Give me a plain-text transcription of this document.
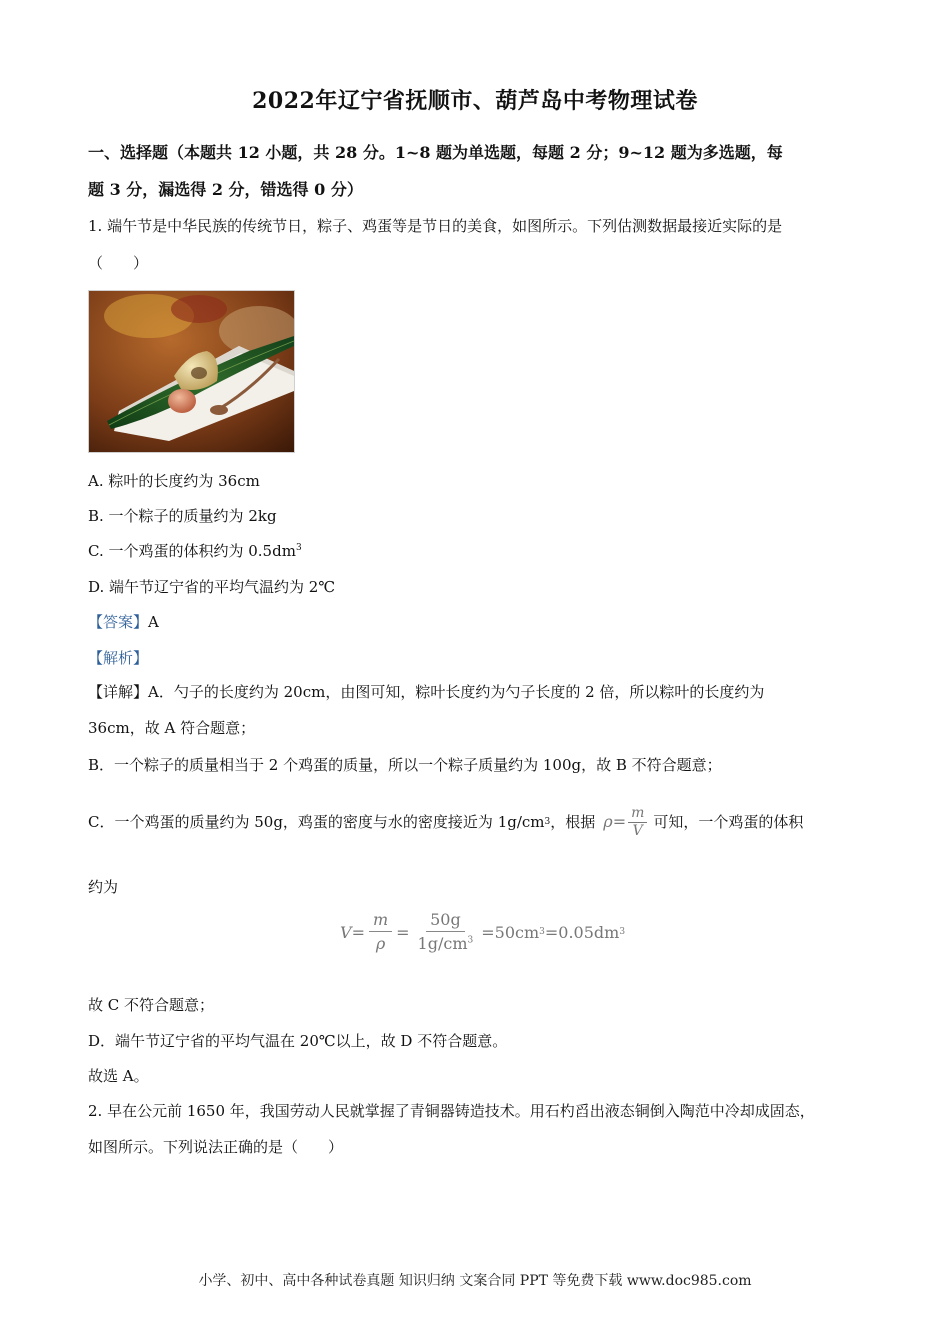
2022年辽宁省抚顺市、葫芦岛中考物理试卷
一、选择题（本题共 12 小题，共 28 分。1~8 题为单选题，每题 2 分；9~12 题为多选题，每
题 3 分，漏选得 2 分，错选得 0 分）
1. 端午节是中华民族的传统节日，粽子、鸡蛋等是节日的美食，如图所示。下列估测数据最接近实际的是
（　　）
A. 粽叶的长度约为 36cm
B. 一个粽子的质量约为 2kg
C. 一个鸡蛋的体积约为 $0.5dm^3$
D. 端午节辽宁省的平均气温约为 2℃
【答案】A
【解析】
【详解】A．勺子的长度约为 20cm，由图可知，粽叶长度约为勺子长度的 2 倍，所以粽叶的长度约为
36cm，故 A 符合题意；
B．一个粽子的质量相当于 2 个鸡蛋的质量，所以一个粽子质量约为 100g，故 B 不符合题意；
C．一个鸡蛋的质量约为 50g，鸡蛋的密度与水的密度接近为 1g/cm 3 ，根据 $\rho= \frac{m}{V}$ 可知，一个鸡蛋的体积
约为
$V = \frac{m}{\rho} = \frac{50g}{1g/cm^3} =50cm$ 3 =0.05dm 3
故 C 不符合题意；
D．端午节辽宁省的平均气温在 20℃以上，故 D 不符合题意。
故选 A。
2. 早在公元前 1650 年，我国劳动人民就掌握了青铜器铸造技术。用石杓舀出液态铜倒入陶范中冷却成固态，
如图所示。下列说法正确的是（　　）
小学、初中、高中各种试卷真题 知识归纳 文案合同 PPT 等免费下载 www.doc985.com
